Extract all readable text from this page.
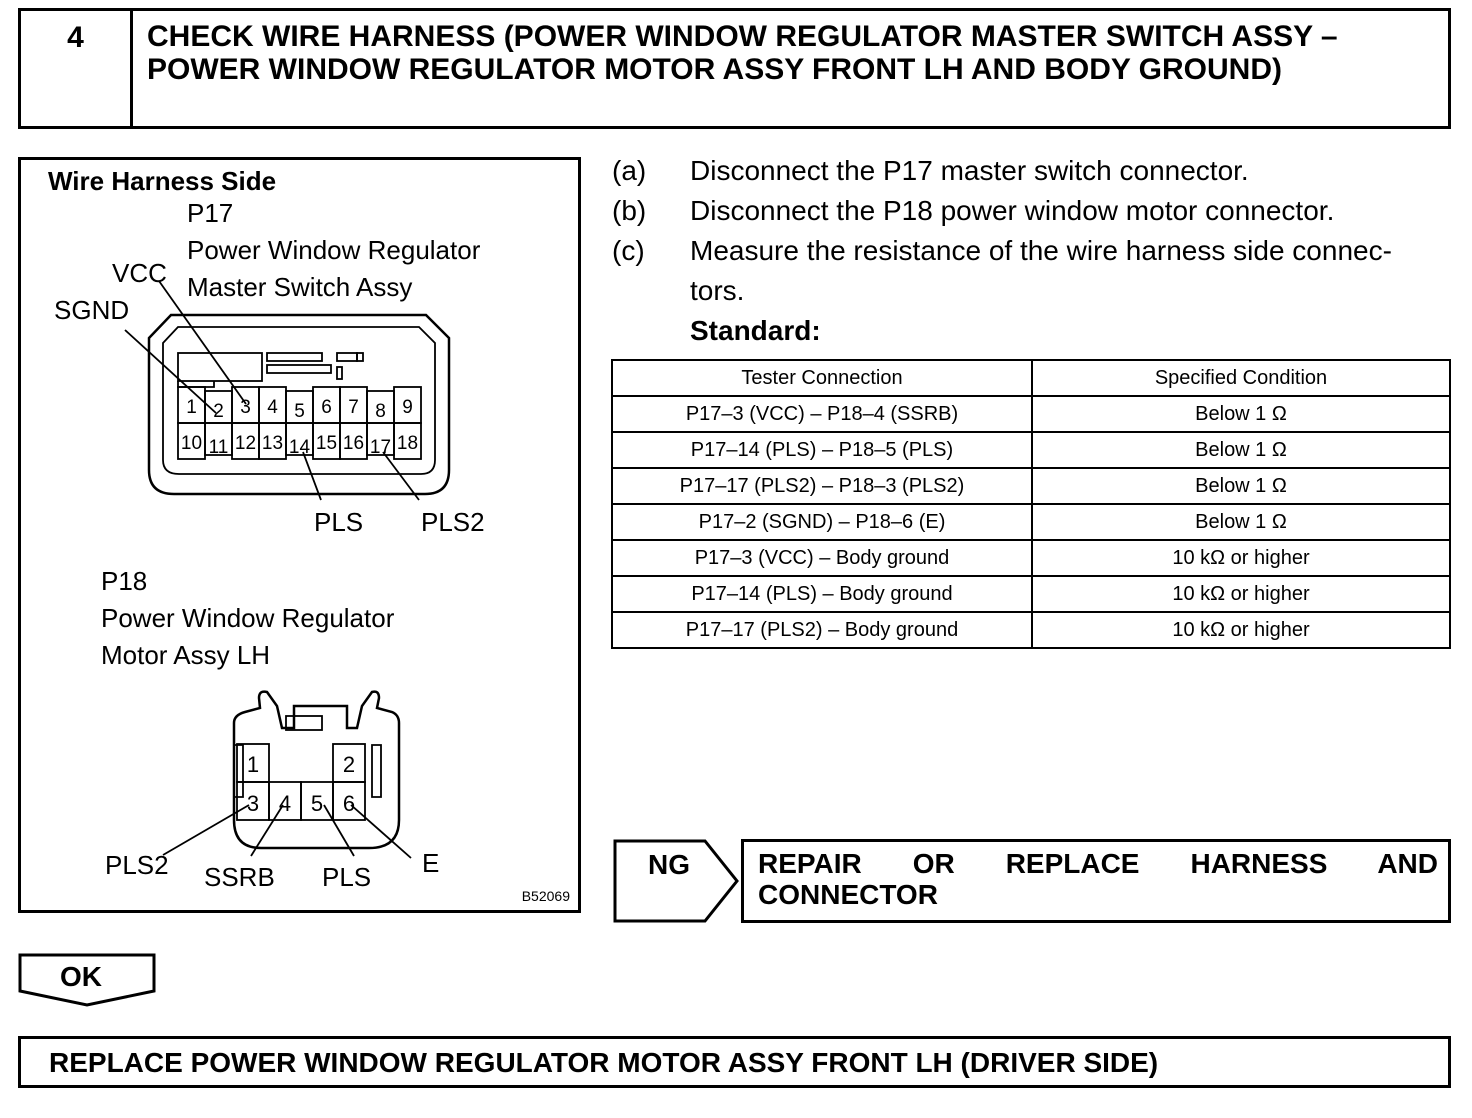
4	CHECK WIRE HARNESS (POWER WINDOW REGULATOR MASTER SWITCH ASSY – POWER WINDOW REGULATOR MOTOR ASSY FRONT LH AND BODY GROUND)
Wire Harness Side
P17
Power Window Regulator
Master Switch Assy
VCC
SGND
PLS PLS2
P18
Power Window Regulator
Motor Assy LH
PLS2 SSRB PLS E
1
10
2
11
3
12
4
13
5
14
6
15
7
16
8
17
9
18
1	2
3 4 5 6
B52069
(a) Disconnect the P17 master switch connector.
(b) Disconnect the P18 power window motor connector.
(c) Measure the resistance of the wire harness side connec-
tors.
Standard:
Tester Connection	Specified Condition
P17–3 (VCC) – P18–4 (SSRB)	Below 1 Ω
P17–14 (PLS) – P18–5 (PLS)	Below 1 Ω
P17–17 (PLS2) – P18–3 (PLS2)	Below 1 Ω
P17–2 (SGND) – P18–6 (E)	Below 1 Ω
P17–3 (VCC) – Body ground	10 kΩ or higher
P17–14 (PLS) – Body ground	10 kΩ or higher
P17–17 (PLS2) – Body ground	10 kΩ or higher
NG REPAIR OR REPLACE HARNESS AND CONNECTOR
OK
REPLACE POWER WINDOW REGULATOR MOTOR ASSY FRONT LH (DRIVER SIDE)
